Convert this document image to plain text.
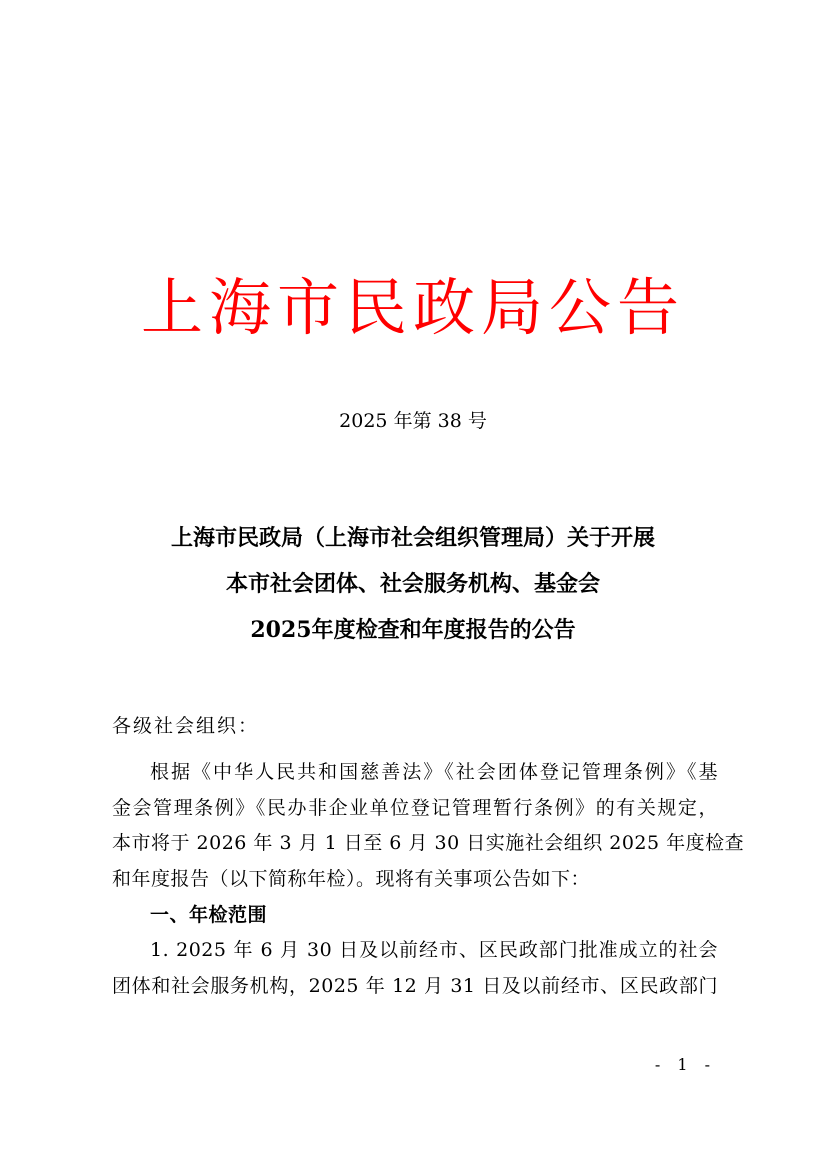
上海市民政局公告
2025 年第 38 号
上海市民政局（上海市社会组织管理局）关于开展
本市社会团体、社会服务机构、基金会
2025年度检查和年度报告的公告
各级社会组织：
根据《中华人民共和国慈善法》《社会团体登记管理条例》《基
金会管理条例》《民办非企业单位登记管理暂行条例》的有关规定，
本市将于 2026 年 3 月 1 日至 6 月 30 日实施社会组织 2025 年度检查
和年度报告（以下简称年检）。现将有关事项公告如下：
一、年检范围
1. 2025 年 6 月 30 日及以前经市、区民政部门批准成立的社会
团体和社会服务机构，2025 年 12 月 31 日及以前经市、区民政部门
- 1 -
